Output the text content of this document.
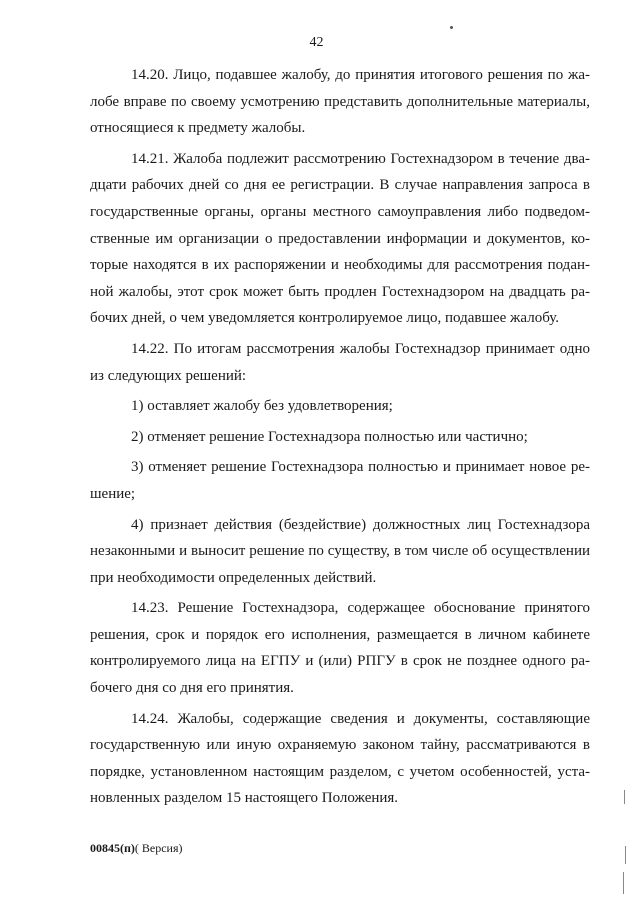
42

14.20. Лицо, подавшее жалобу, до принятия итогового решения по жалобе вправе по своему усмотрению представить дополнительные материалы, относящиеся к предмету жалобы.

14.21. Жалоба подлежит рассмотрению Гостехнадзором в течение двадцати рабочих дней со дня ее регистрации. В случае направления запроса в государственные органы, органы местного самоуправления либо подведомственные им организации о предоставлении информации и документов, которые находятся в их распоряжении и необходимы для рассмотрения поданной жалобы, этот срок может быть продлен Гостехнадзором на двадцать рабочих дней, о чем уведомляется контролируемое лицо, подавшее жалобу.

14.22. По итогам рассмотрения жалобы Гостехнадзор принимает одно из следующих решений:

1) оставляет жалобу без удовлетворения;

2) отменяет решение Гостехнадзора полностью или частично;

3) отменяет решение Гостехнадзора полностью и принимает новое решение;

4) признает действия (бездействие) должностных лиц Гостехнадзора незаконными и выносит решение по существу, в том числе об осуществлении при необходимости определенных действий.

14.23. Решение Гостехнадзора, содержащее обоснование принятого решения, срок и порядок его исполнения, размещается в личном кабинете контролируемого лица на ЕГПУ и (или) РПГУ в срок не позднее одного рабочего дня со дня его принятия.

14.24. Жалобы, содержащие сведения и документы, составляющие государственную или иную охраняемую законом тайну, рассматриваются в порядке, установленном настоящим разделом, с учетом особенностей, установленных разделом 15 настоящего Положения.

00845(п)( Версия)
